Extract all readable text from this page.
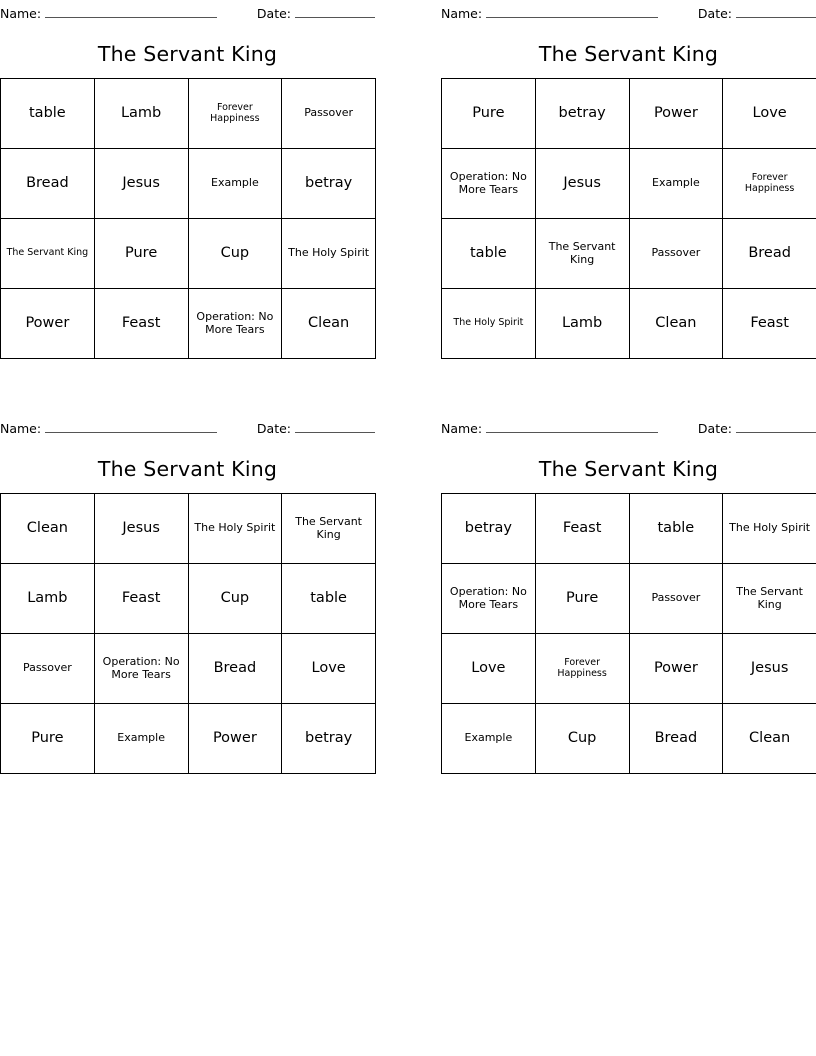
Name:	Date:
The Servant King
table	Lamb	Forever Happiness	Passover
Bread	Jesus	Example	betray
The Servant King	Pure	Cup	The Holy Spirit
Power	Feast	Operation: No More Tears	Clean
Name:	Date:
The Servant King
Pure	betray	Power	Love
Operation: No More Tears	Jesus	Example	Forever Happiness
table	The Servant King	Passover	Bread
The Holy Spirit	Lamb	Clean	Feast
Name:	Date:
The Servant King
Clean	Jesus	The Holy Spirit	The Servant King
Lamb	Feast	Cup	table
Passover	Operation: No More Tears	Bread	Love
Pure	Example	Power	betray
Name:	Date:
The Servant King
betray	Feast	table	The Holy Spirit
Operation: No More Tears	Pure	Passover	The Servant King
Love	Forever Happiness	Power	Jesus
Example	Cup	Bread	Clean
